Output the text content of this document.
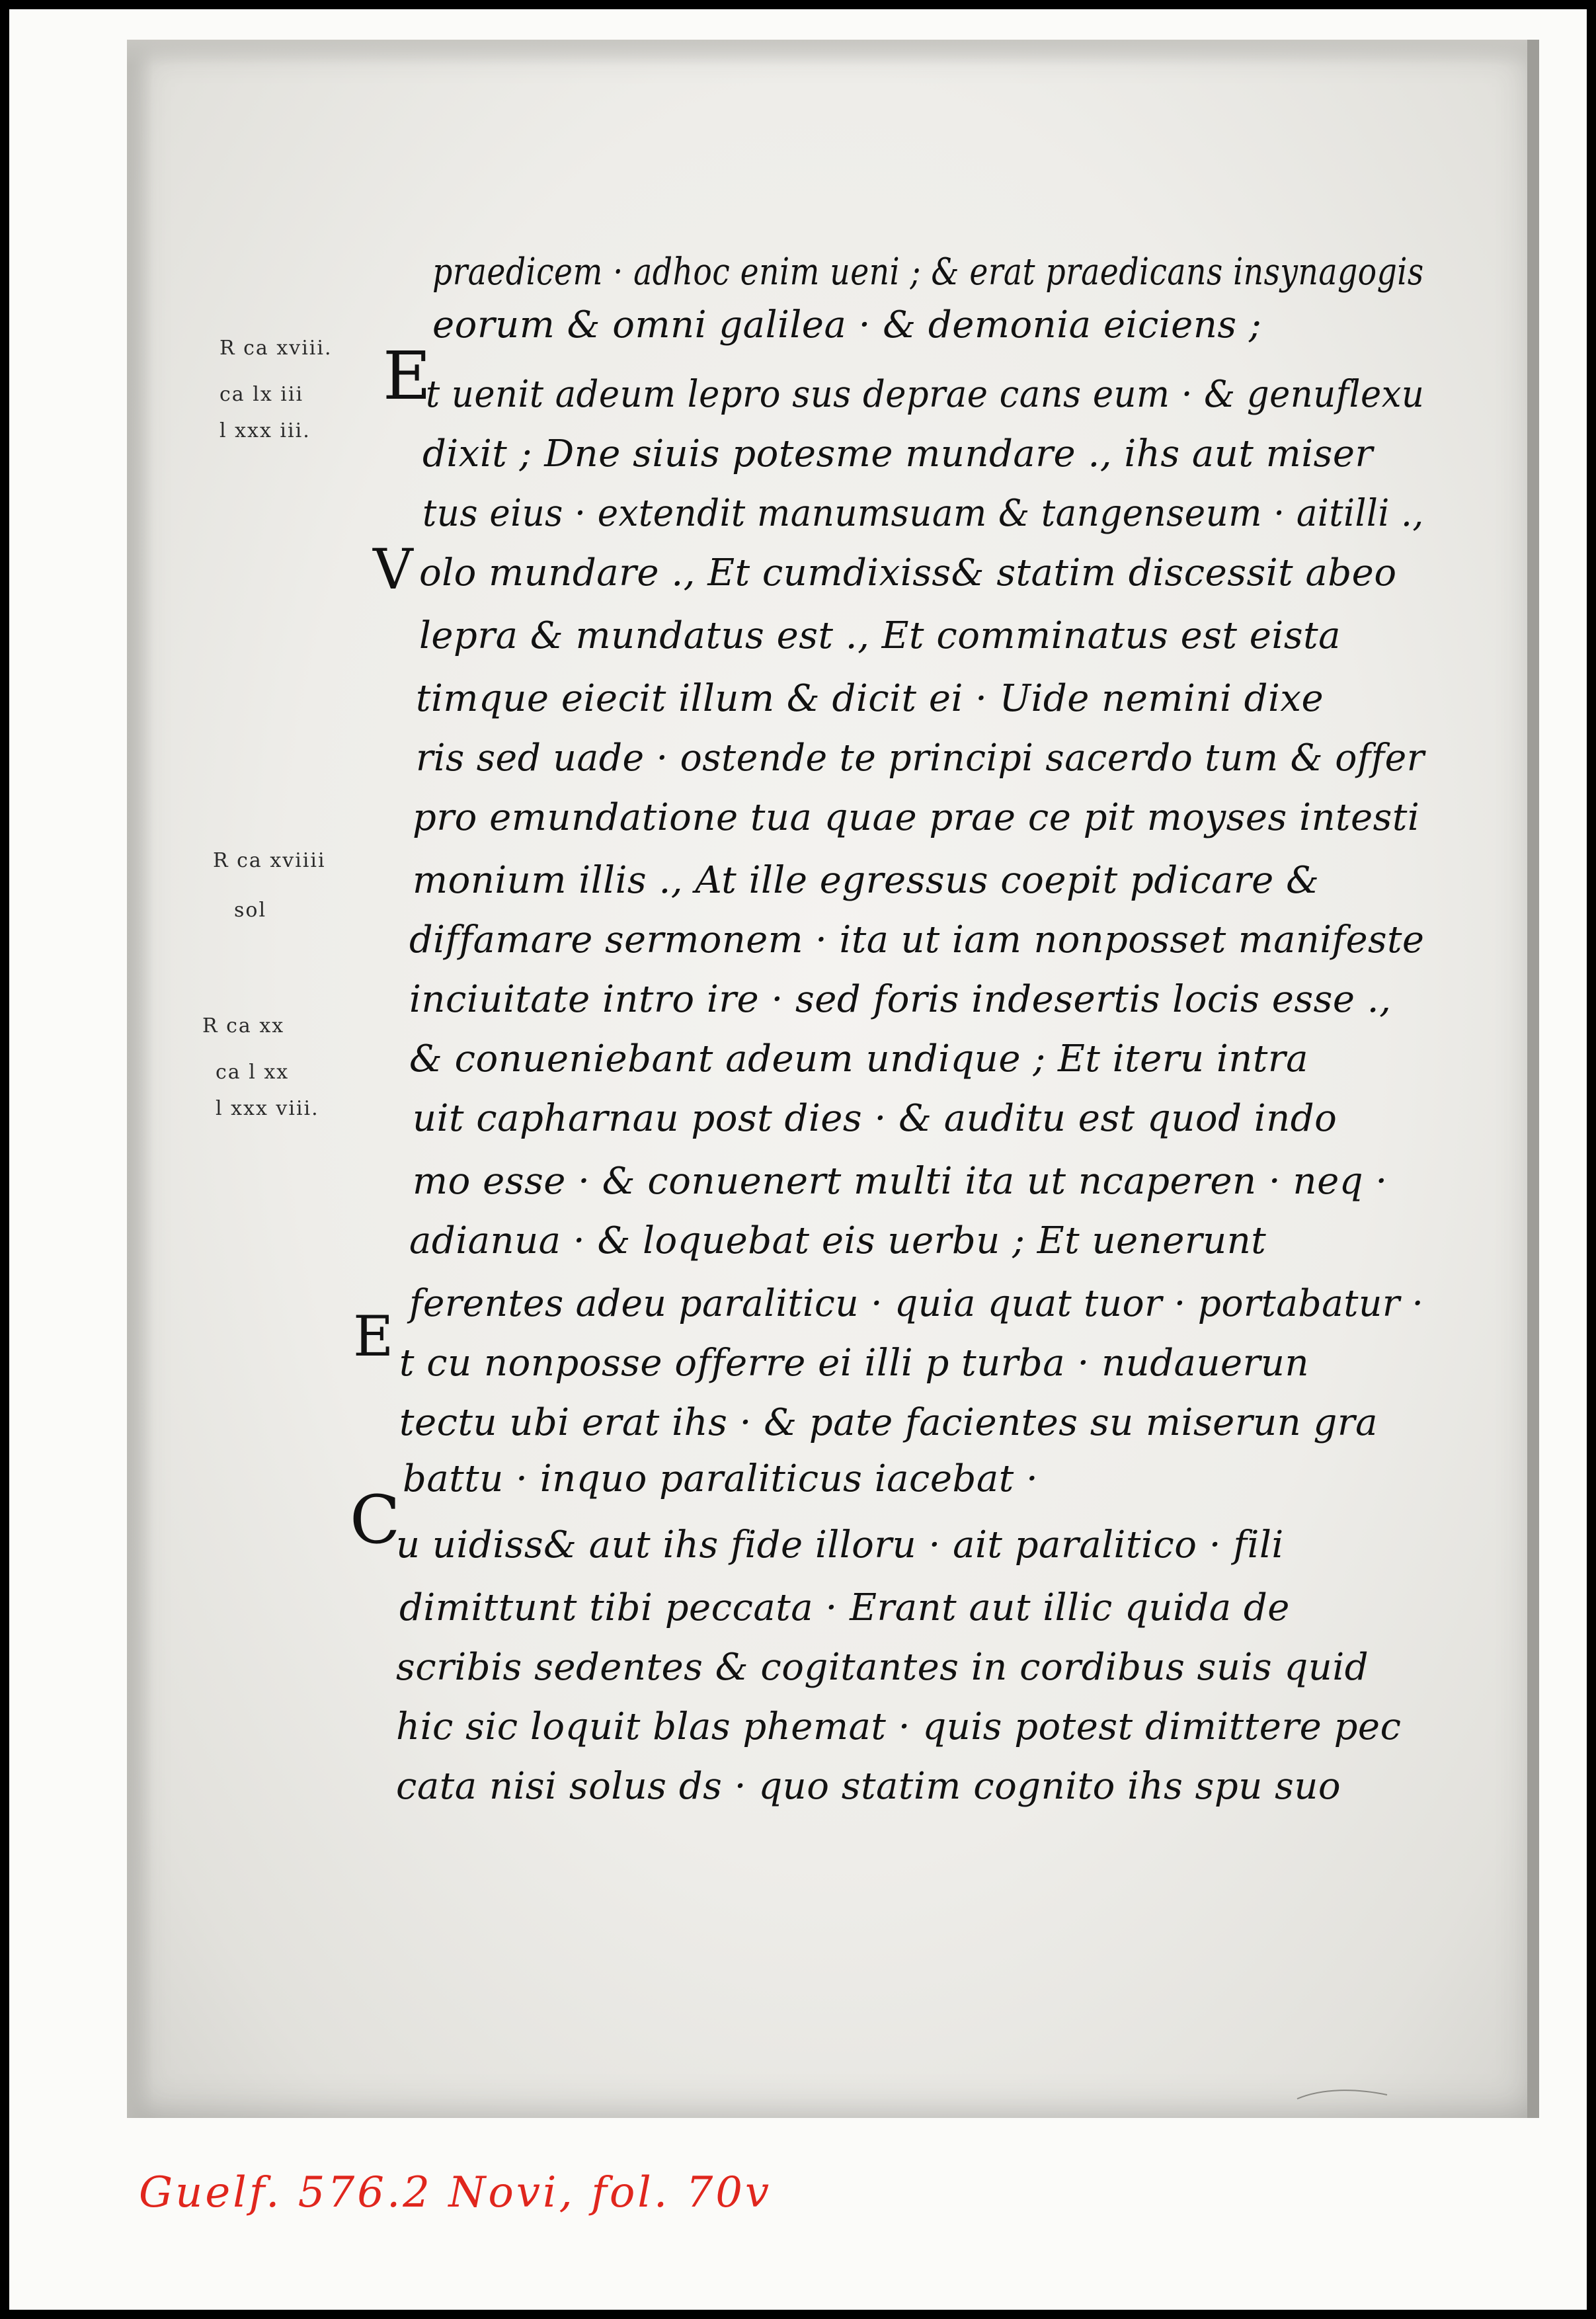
R ca xviii.
ca lx iii
l xxx iii.
R ca xviiii
sol
R ca xx
ca l xx
l xxx viii.
E
V
E
C
praedicem · adhoc enim ueni ; & erat praedicans insynagogis
eorum & omni galilea · & demonia eiciens ;
t uenit adeum lepro sus deprae cans eum · & genuflexu
dixit ; Dne siuis potesme mundare ., ihs aut miser
tus eius · extendit manumsuam & tangenseum · aitilli .,
olo mundare ., Et cumdixiss& statim discessit abeo
lepra & mundatus est ., Et comminatus est eista
timque eiecit illum & dicit ei · Uide nemini dixe
ris sed uade · ostende te principi sacerdo tum & offer
pro emundatione tua quae prae ce pit moyses intesti
monium illis ., At ille egressus coepit pdicare &
diffamare sermonem · ita ut iam nonposset manifeste
inciuitate intro ire · sed foris indesertis locis esse .,
& conueniebant adeum undique ; Et iteru intra
uit capharnau post dies · & auditu est quod indo
mo esse · & conuenert multi ita ut ncaperen · neq ·
adianua · & loquebat eis uerbu ; Et uenerunt
ferentes adeu paraliticu · quia quat tuor · portabatur ·
t cu nonposse offerre ei illi p turba · nudauerun
tectu ubi erat ihs · & pate facientes su miserun gra
battu · inquo paraliticus iacebat ·
u uidiss& aut ihs fide illoru · ait paralitico · fili
dimittunt tibi peccata · Erant aut illic quida de
scribis sedentes & cogitantes in cordibus suis quid
hic sic loquit blas phemat · quis potest dimittere pec
cata nisi solus ds · quo statim cognito ihs spu suo
Guelf. 576.2 Novi, fol. 70v
